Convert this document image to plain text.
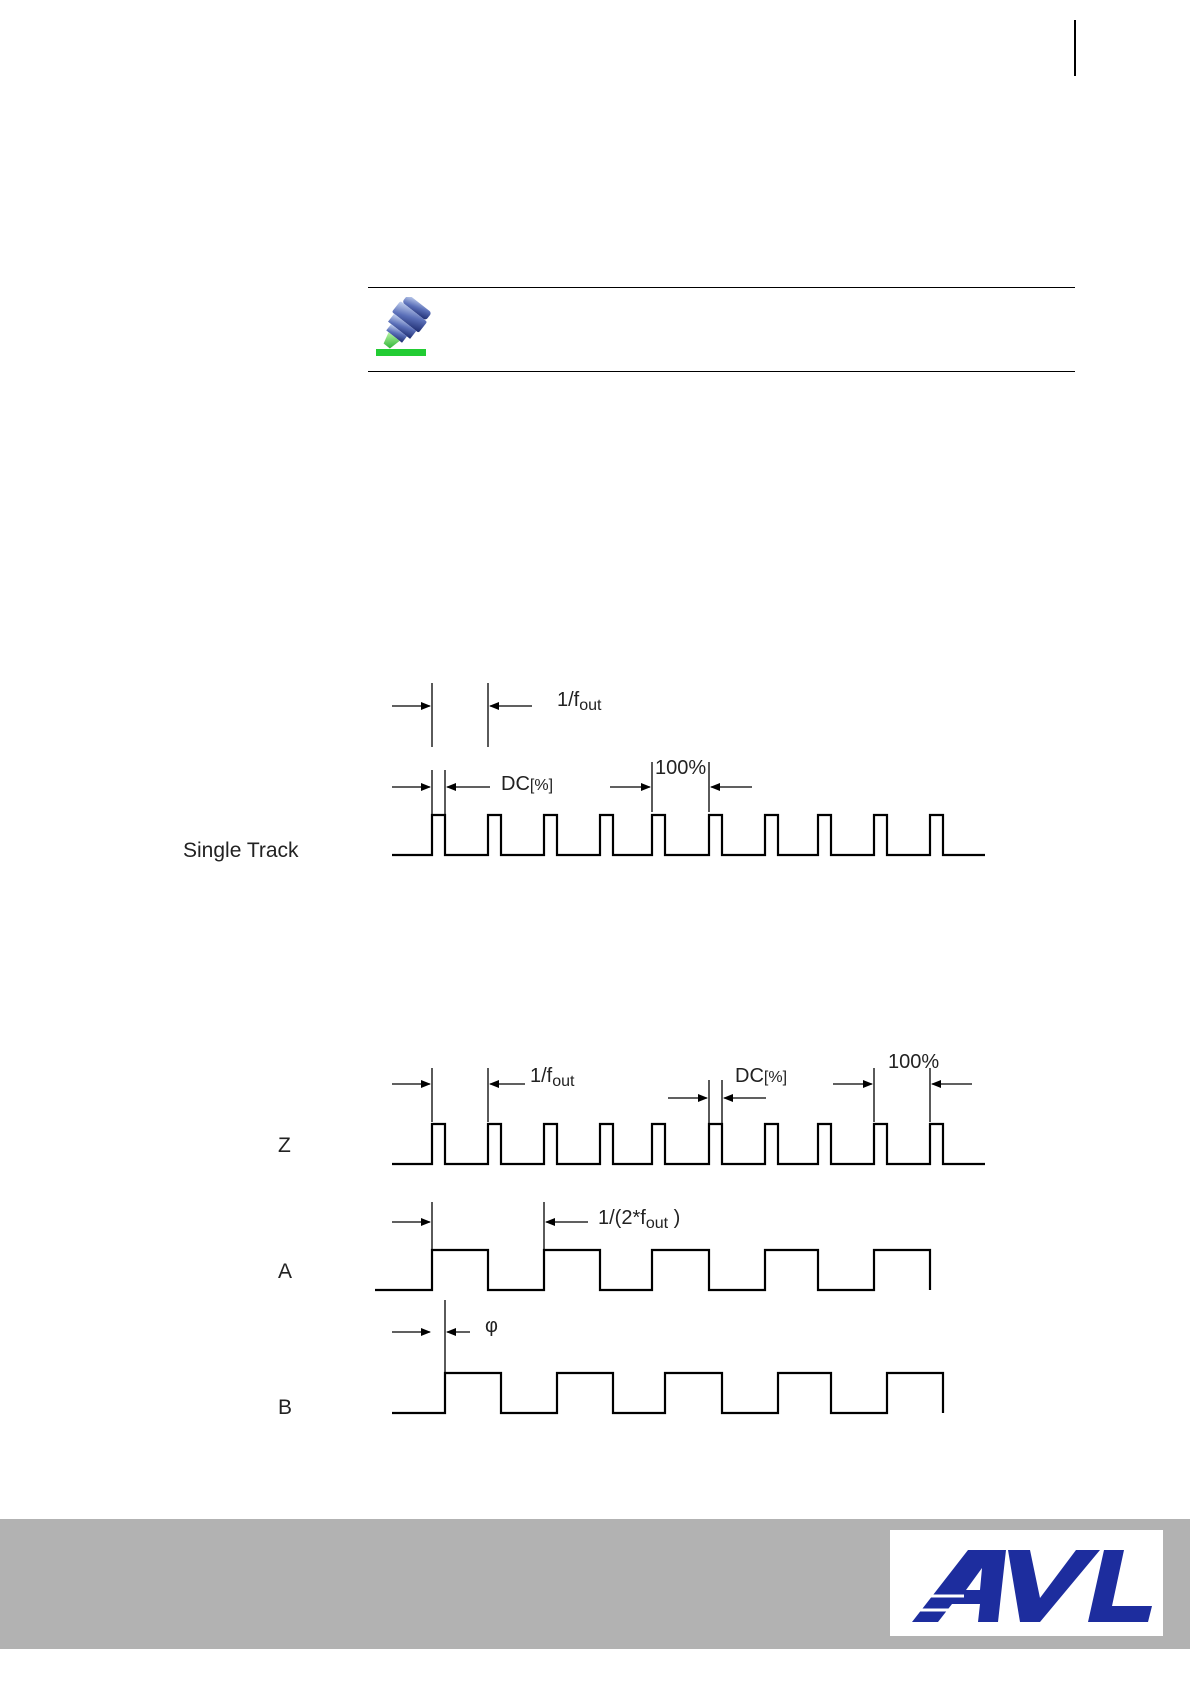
$1/f_{out}$
DC[%]
100%
Single Track
$1/f_{out}$	DC[%]
100%
Z
$1/(2*f_{out}$ )
A
φ
B
